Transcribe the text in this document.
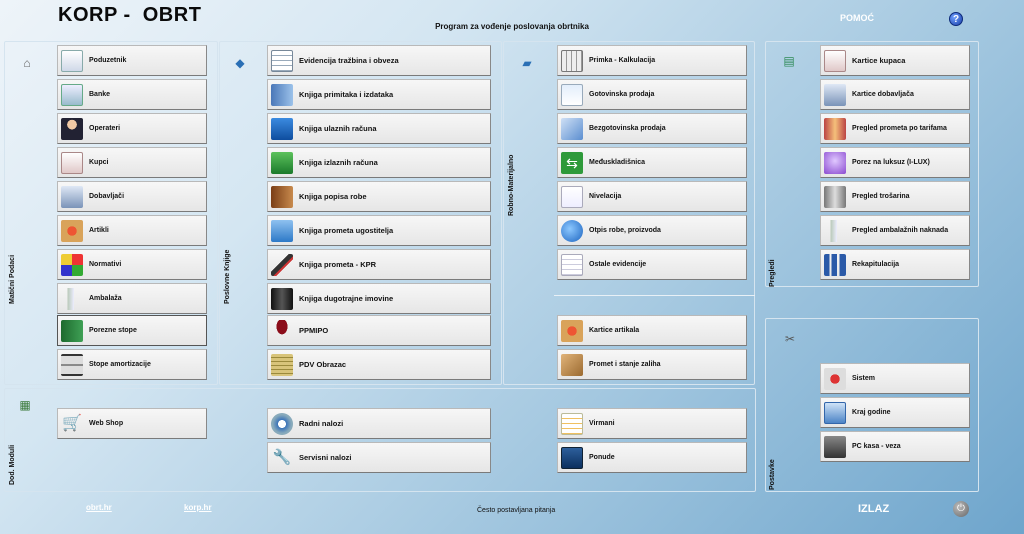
KORP -  OBRT
Program za vođenje poslovanja obrtnika
POMOĆ	?
Matični Podaci	Poslovne Knjige
Robno-Materijalno
Pregledi
Dod. Moduli	Postavke
⌂	◆	▰	▤
✂
▦
Poduzetnik
Banke
Operateri
Kupci
Dobavljači
Artikli
Normativi
Ambalaža
Porezne stope
Stope amortizacije
Evidencija tražbina i obveza
Knjiga primitaka i izdataka
Knjiga ulaznih računa
Knjiga izlaznih računa
Knjiga popisa robe
Knjiga prometa ugostitelja
Knjiga prometa - KPR
Knjiga dugotrajne imovine
PPMIPO
PDV Obrazac
Primka - Kalkulacija
Gotovinska prodaja
Bezgotovinska prodaja
⇆	Međuskladišnica
Nivelacija
Otpis robe, proizvoda
Ostale evidencije
Kartice artikala
Promet i stanje zaliha
Kartice kupaca
Kartice dobavljača
Pregled prometa po tarifama
Porez na luksuz (I-LUX)
Pregled trošarina
Pregled ambalažnih naknada
Rekapitulacija
Sistem
Kraj godine
PC kasa - veza
🛒 Web Shop	Radni nalozi
🔧 Servisni nalozi
Virmani
Ponude
obrt.hr	korp.hr	Često postavljana pitanja	IZLAZ	⏻
